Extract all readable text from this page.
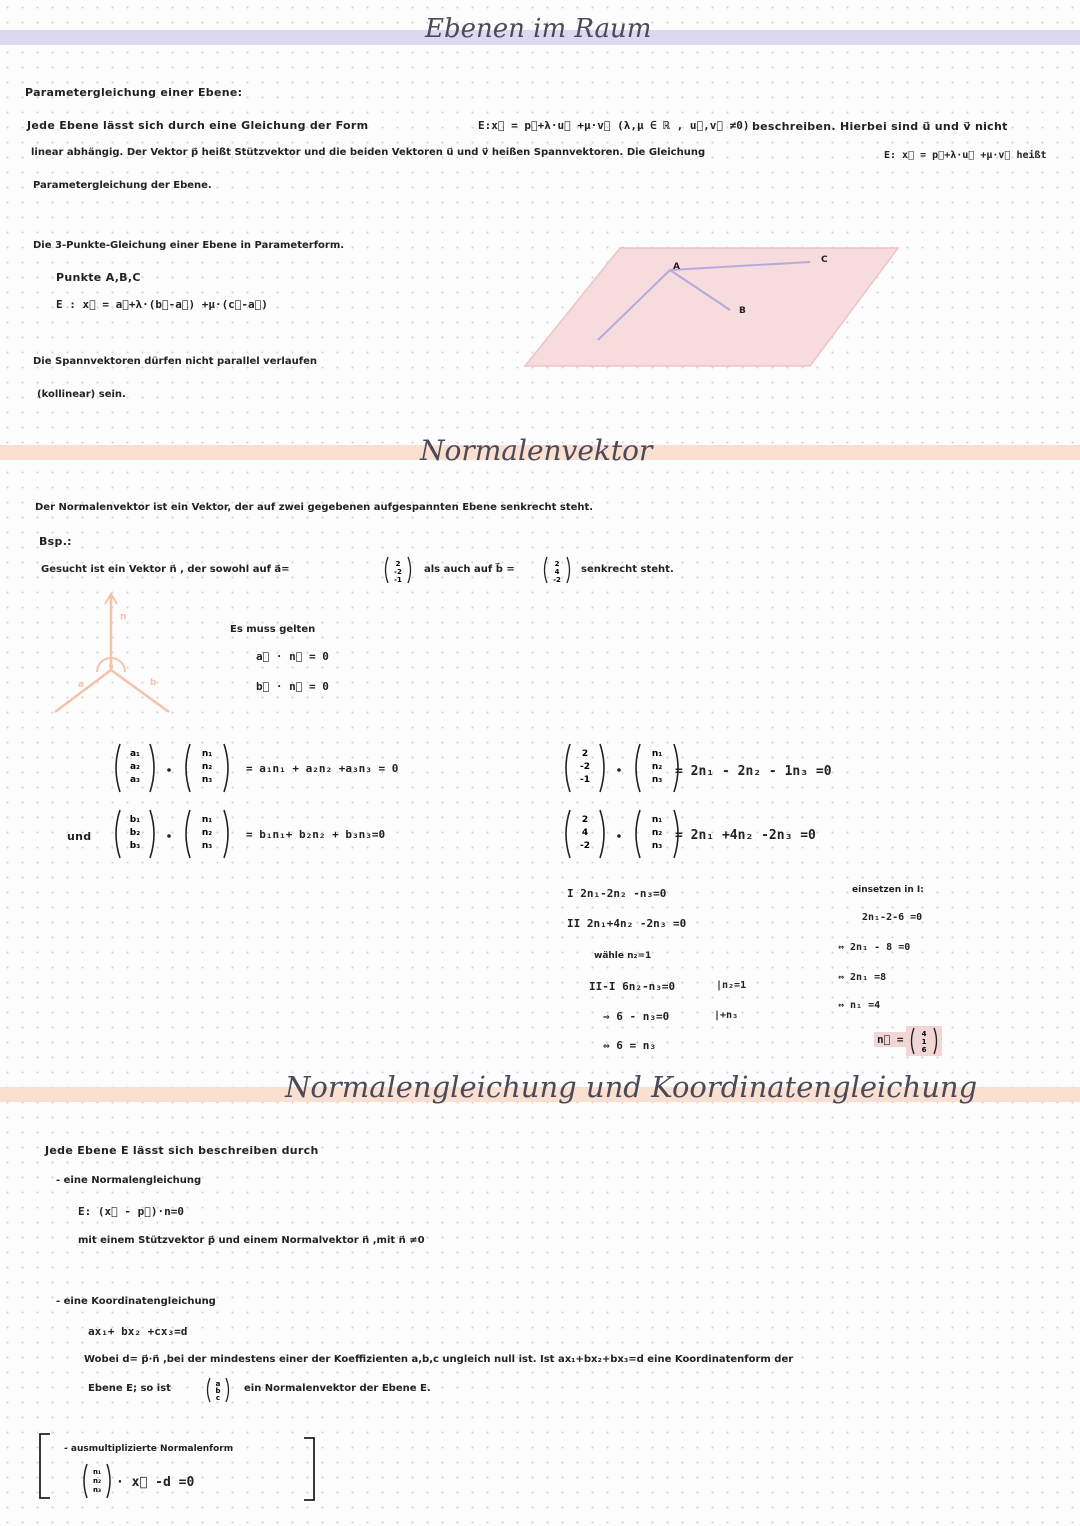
Ebenen im Raum
Normalenvektor
Normalengleichung und Koordinatengleichung
Parametergleichung einer Ebene:
Jede Ebene lässt sich durch eine Gleichung der Form	E:x⃗ = p⃗+λ·u⃗ +μ·v⃗ (λ,μ ∈ ℝ , u⃗,v⃗ ≠0) beschreiben. Hierbei sind u⃗ und v⃗ nicht
linear abhängig. Der Vektor p⃗ heißt Stützvektor und die beiden Vektoren u⃗ und v⃗ heißen Spannvektoren. Die Gleichung	E: x⃗ = p⃗+λ·u⃗ +μ·v⃗ heißt
Parametergleichung der Ebene.
Die 3-Punkte-Gleichung einer Ebene in Parameterform.
Punkte A,B,C
E : x⃗ = a⃗+λ·(b⃗-a⃗) +μ·(c⃗-a⃗)
Die Spannvektoren dürfen nicht parallel verlaufen
(kollinear) sein.
A
B
C
Der Normalenvektor ist ein Vektor, der auf zwei gegebenen aufgespannten Ebene senkrecht steht.
Bsp.:
Gesucht ist ein Vektor n⃗ , der sowohl auf a⃗=	2
-2
-1
als auch auf b⃗ =	2
4
-2
senkrecht steht.
n
a	b
Es muss gelten
a⃗ · n⃗ = 0
b⃗ · n⃗ = 0
a₁
a₂
a₃
n₁
n₂
n₃
b₁
b₂
b₃
n₁
n₂
n₃
= a₁n₁ + a₂n₂ +a₃n₃ = 0
und	= b₁n₁+ b₂n₂ + b₃n₃=0
2
-2
-1
n₁
n₂
n₃
2
4
-2
n₁
n₂
n₃
= 2n₁ - 2n₂ - 1n₃ =0
= 2n₁ +4n₂ -2n₃ =0
I 2n₁-2n₂ -n₃=0
II 2n₁+4n₂ -2n₃ =0
wähle n₂=1
II-I 6n₂-n₃=0	|n₂=1
⇒ 6 - n₃=0	|+n₃
⇔ 6 = n₃
einsetzen in I:
2n₁-2-6 =0
⇔ 2n₁ - 8 =0
⇔ 2n₁ =8
⇔ n₁ =4
n⃗ =	4
1
6
Jede Ebene E lässt sich beschreiben durch
- eine Normalengleichung
E: (x⃗ - p⃗)·n=0
mit einem Stützvektor p⃗ und einem Normalvektor n⃗ ,mit n⃗ ≠0
- eine Koordinatengleichung
ax₁+ bx₂ +cx₃=d
Wobei d= p⃗·n⃗ ,bei der mindestens einer der Koeffizienten a,b,c ungleich null ist. Ist ax₁+bx₂+bx₃=d eine Koordinatenform der
Ebene E; so ist	a
b
c
ein Normalenvektor der Ebene E.
- ausmultiplizierte Normalenform
n₁
n₂
n₃ · x⃗ -d =0
